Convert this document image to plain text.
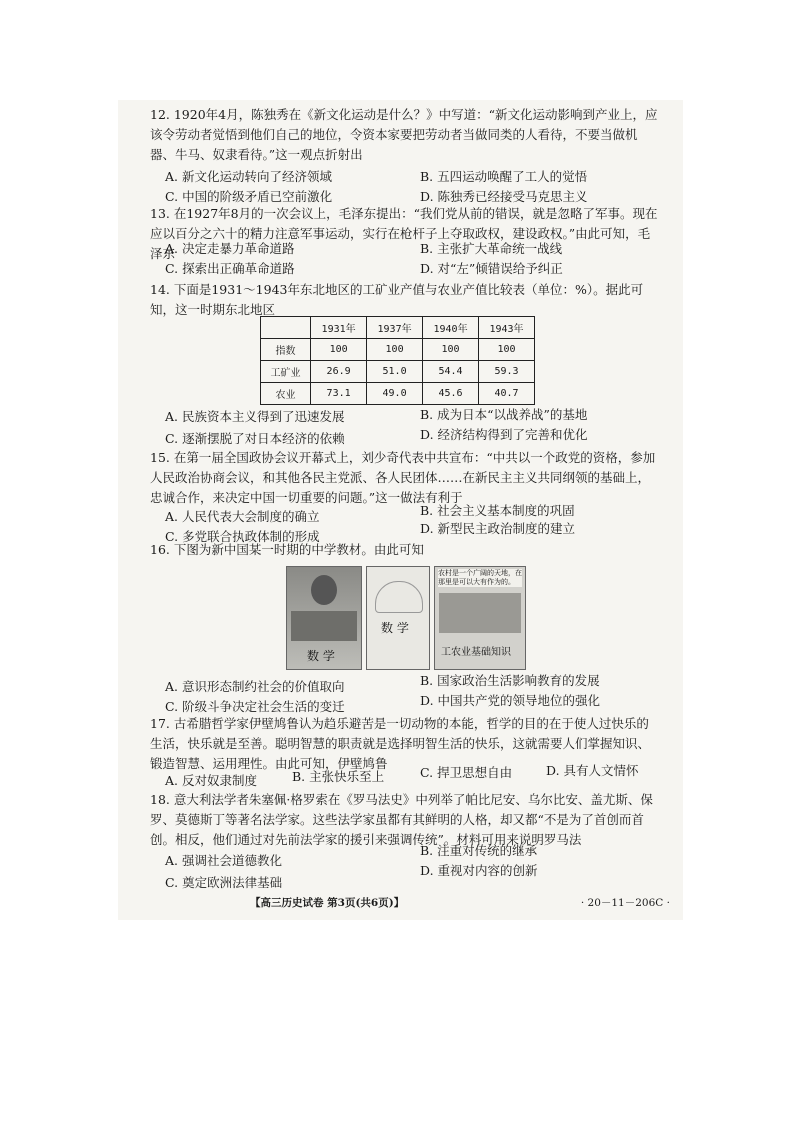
12. 1920年4月，陈独秀在《新文化运动是什么？》中写道：“新文化运动影响到产业上，应该令劳动者觉悟到他们自己的地位，令资本家要把劳动者当做同类的人看待，不要当做机器、牛马、奴隶看待。”这一观点折射出
A. 新文化运动转向了经济领域	B. 五四运动唤醒了工人的觉悟
C. 中国的阶级矛盾已空前激化	D. 陈独秀已经接受马克思主义
13. 在1927年8月的一次会议上，毛泽东提出：“我们党从前的错误，就是忽略了军事。现在应以百分之六十的精力注意军事运动，实行在枪杆子上夺取政权，建设政权。”由此可知，毛泽东
A. 决定走暴力革命道路	B. 主张扩大革命统一战线
C. 探索出正确革命道路	D. 对“左”倾错误给予纠正
14. 下面是1931～1943年东北地区的工矿业产值与农业产值比较表（单位：%）。据此可知，这一时期东北地区
	1931年	1937年	1940年	1943年
指数	100	100	100	100
工矿业	26.9	51.0	54.4	59.3
农业	73.1	49.0	45.6	40.7
A. 民族资本主义得到了迅速发展	B. 成为日本“以战养战”的基地
C. 逐渐摆脱了对日本经济的依赖	D. 经济结构得到了完善和优化
15. 在第一届全国政协会议开幕式上，刘少奇代表中共宣布：“中共以一个政党的资格，参加人民政治协商会议，和其他各民主党派、各人民团体……在新民主主义共同纲领的基础上，忠诚合作，来决定中国一切重要的问题。”这一做法有利于
A. 人民代表大会制度的确立	B. 社会主义基本制度的巩固
C. 多党联合执政体制的形成
D. 新型民主政治制度的建立
16. 下图为新中国某一时期的中学教材。由此可知
数 学
数 学
农村是一个广阔的天地，在那里是可以大有作为的。
工农业基础知识
A. 意识形态制约社会的价值取向	B. 国家政治生活影响教育的发展
C. 阶级斗争决定社会生活的变迁	D. 中国共产党的领导地位的强化
17. 古希腊哲学家伊壁鸠鲁认为趋乐避苦是一切动物的本能，哲学的目的在于使人过快乐的生活，快乐就是至善。聪明智慧的职责就是选择明智生活的快乐，这就需要人们掌握知识、锻造智慧、运用理性。由此可知，伊壁鸠鲁
A. 反对奴隶制度	B. 主张快乐至上	C. 捍卫思想自由	D. 具有人文情怀
18. 意大利法学者朱塞佩·格罗索在《罗马法史》中列举了帕比尼安、乌尔比安、盖尤斯、保罗、莫德斯丁等著名法学家。这些法学家虽都有其鲜明的人格，却又都“不是为了首创而首创。相反，他们通过对先前法学家的援引来强调传统”。材料可用来说明罗马法
A. 强调社会道德教化
B. 注重对传统的继承
C. 奠定欧洲法律基础
D. 重视对内容的创新
【高三历史试卷 第3页(共6页)】	· 20－11－206C ·
